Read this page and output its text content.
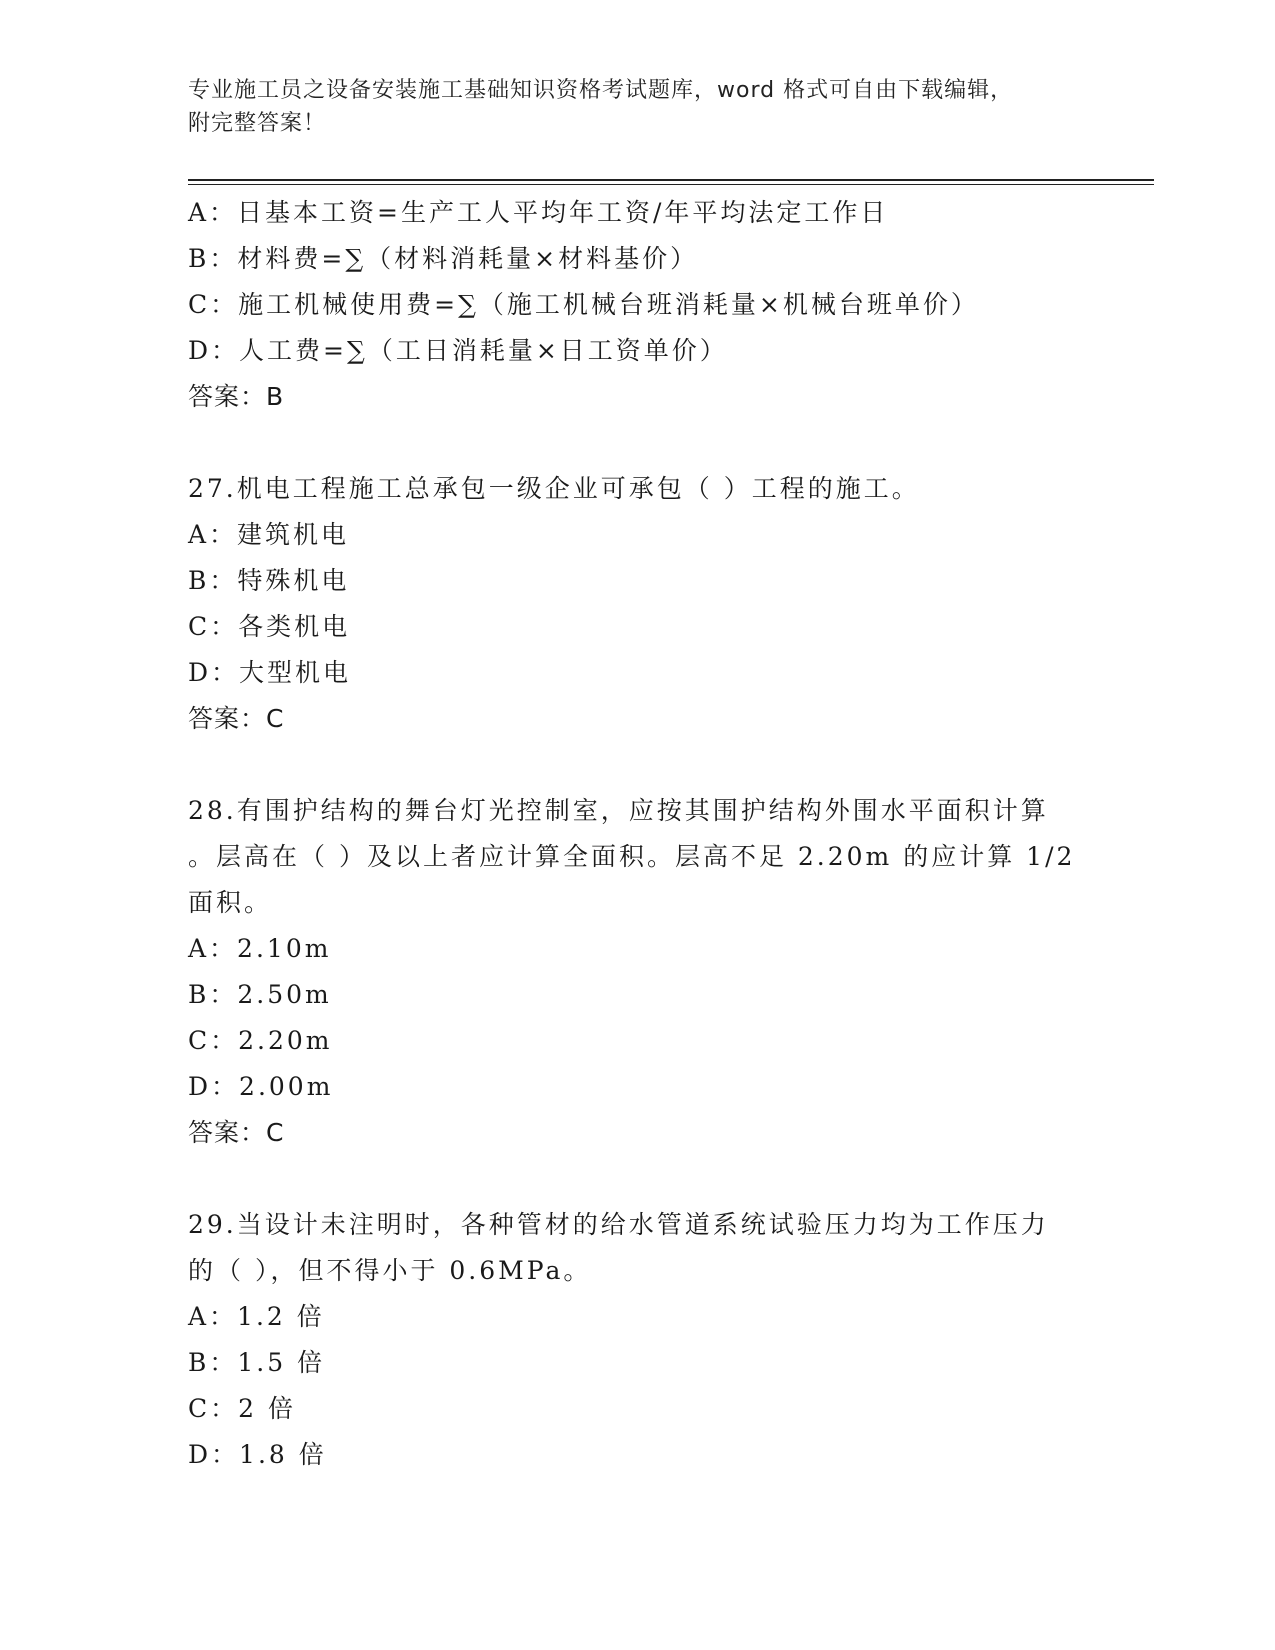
专业施工员之设备安装施工基础知识资格考试题库，word 格式可自由下载编辑，
附完整答案！
A：日基本工资=生产工人平均年工资/年平均法定工作日
B：材料费=∑（材料消耗量×材料基价）
C：施工机械使用费=∑（施工机械台班消耗量×机械台班单价）
D：人工费=∑（工日消耗量×日工资单价）
答案：B
27.机电工程施工总承包一级企业可承包（ ）工程的施工。
A：建筑机电
B：特殊机电
C：各类机电
D：大型机电
答案：C
28.有围护结构的舞台灯光控制室，应按其围护结构外围水平面积计算
。层高在（ ）及以上者应计算全面积。层高不足 2.20m 的应计算 1/2
面积。
A：2.10m
B：2.50m
C：2.20m
D：2.00m
答案：C
29.当设计未注明时，各种管材的给水管道系统试验压力均为工作压力
的（ ），但不得小于 0.6MPa。
A：1.2 倍
B：1.5 倍
C：2 倍
D：1.8 倍
